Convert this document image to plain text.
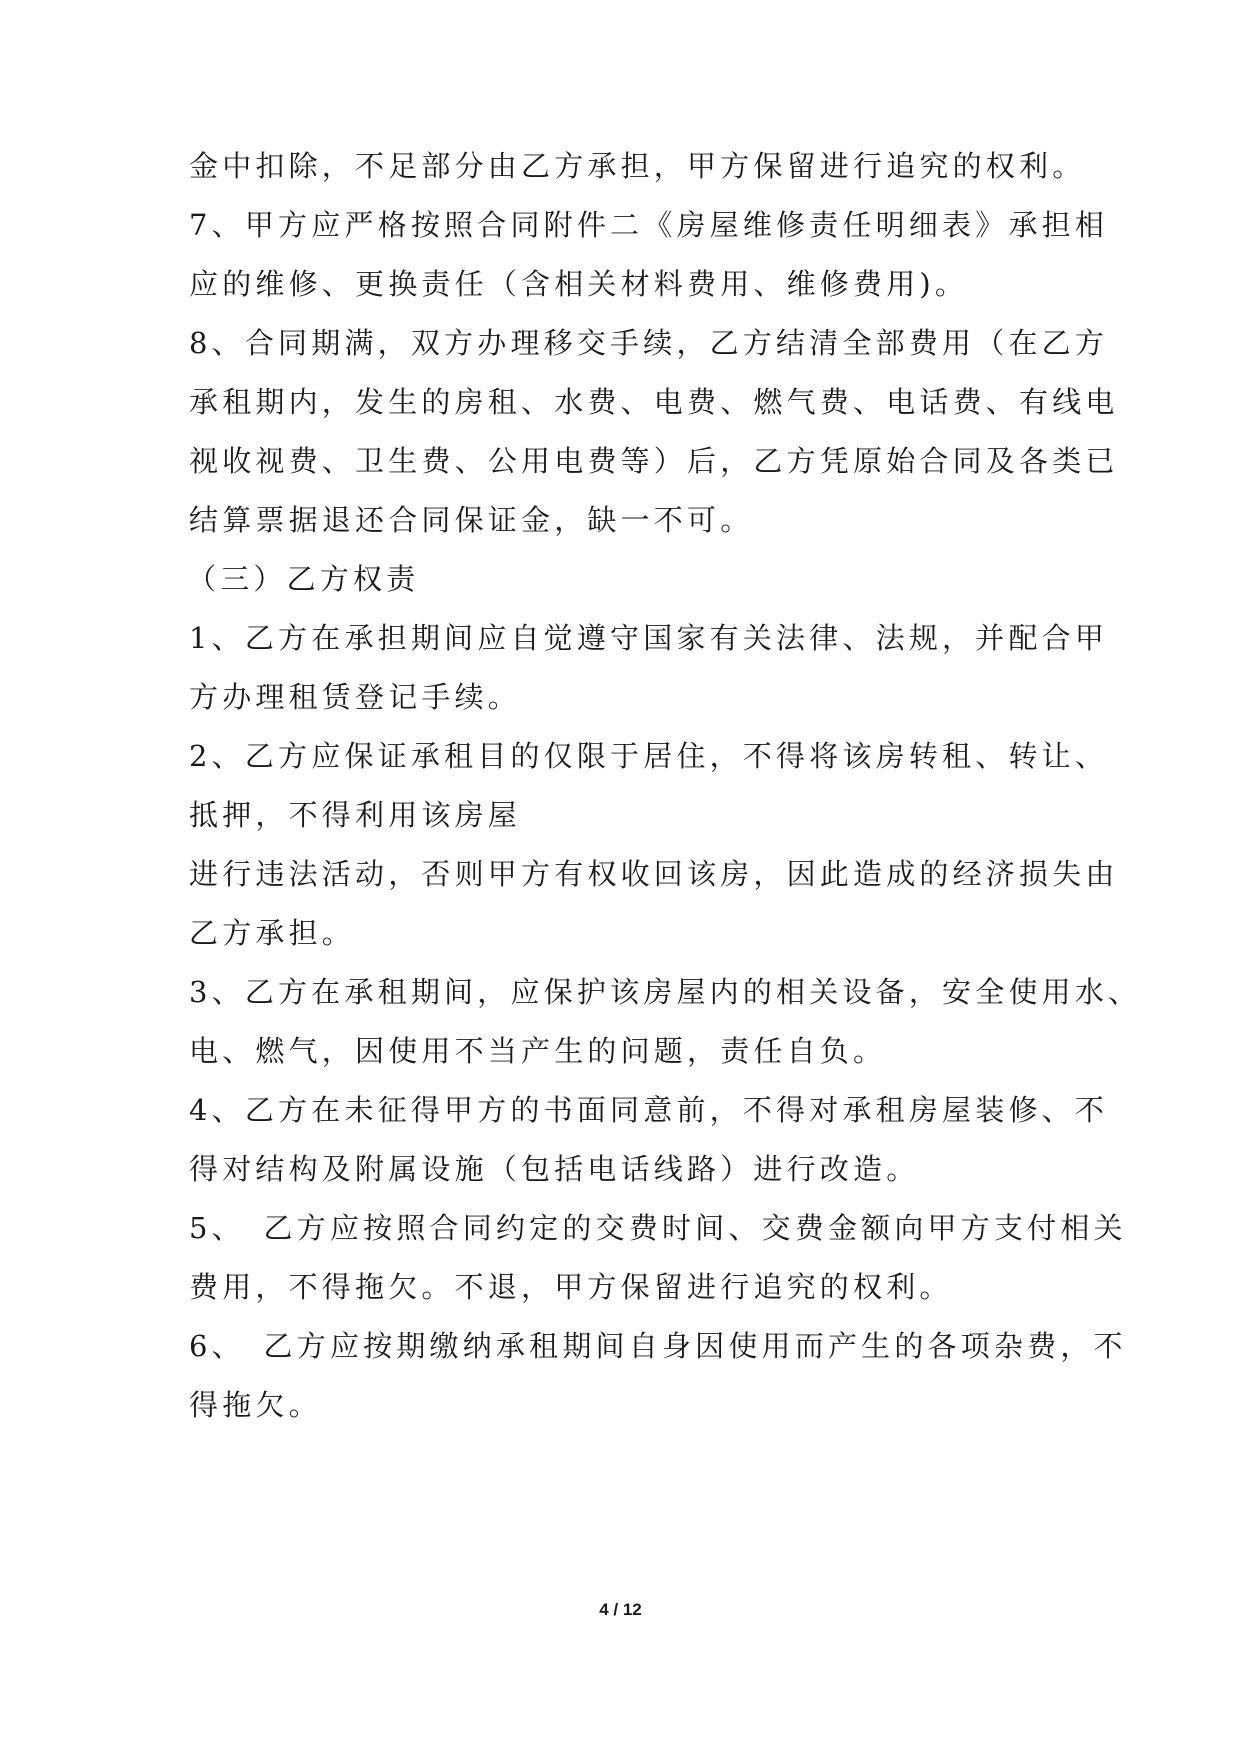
金中扣除，不足部分由乙方承担，甲方保留进行追究的权利。
7、甲方应严格按照合同附件二《房屋维修责任明细表》承担相
应的维修、更换责任（含相关材料费用、维修费用)。
8、合同期满，双方办理移交手续，乙方结清全部费用（在乙方
承租期内，发生的房租、水费、电费、燃气费、电话费、有线电
视收视费、卫生费、公用电费等）后，乙方凭原始合同及各类已
结算票据退还合同保证金，缺一不可。
（三）乙方权责
1、乙方在承担期间应自觉遵守国家有关法律、法规，并配合甲
方办理租赁登记手续。
2、乙方应保证承租目的仅限于居住，不得将该房转租、转让、
抵押，不得利用该房屋
进行违法活动，否则甲方有权收回该房，因此造成的经济损失由
乙方承担。
3、乙方在承租期间，应保护该房屋内的相关设备，安全使用水、
电、燃气，因使用不当产生的问题，责任自负。
4、乙方在未征得甲方的书面同意前，不得对承租房屋装修、不
得对结构及附属设施（包括电话线路）进行改造。
5、　乙方应按照合同约定的交费时间、交费金额向甲方支付相关
费用，不得拖欠。不退，甲方保留进行追究的权利。
6、　乙方应按期缴纳承租期间自身因使用而产生的各项杂费，不
得拖欠。
4 / 12
